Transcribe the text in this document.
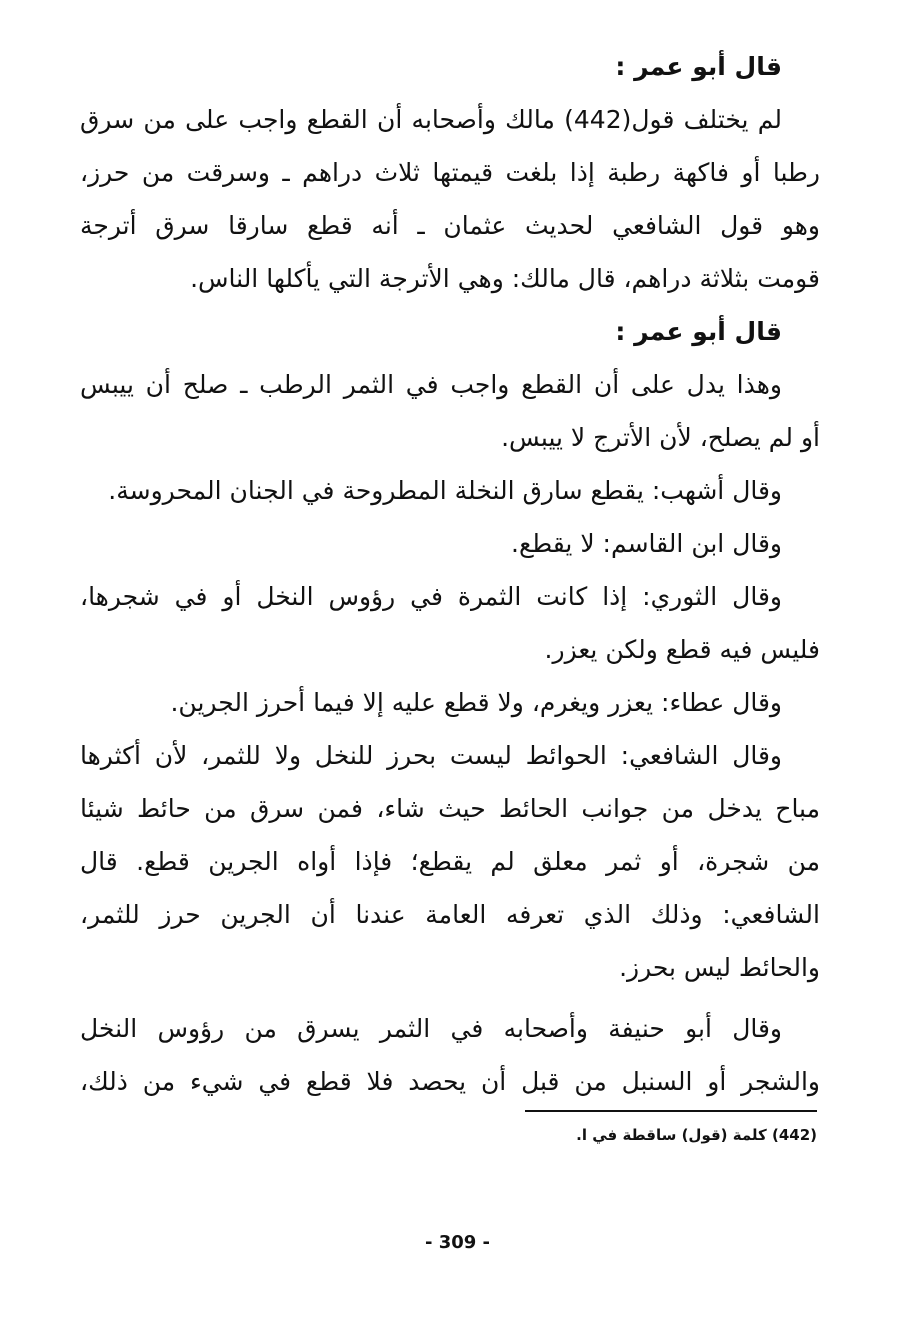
قال أبو عمر :
لم يختلف قول(442) مالك وأصحابه أن القطع واجب على من سرق
رطبا أو فاكهة رطبة إذا بلغت قيمتها ثلاث دراهم ـ وسرقت من حرز،
وهو قول الشافعي لحديث عثمان ـ أنه قطع سارقا سرق أترجة
قومت بثلاثة دراهم، قال مالك: وهي الأترجة التي يأكلها الناس.
قال أبو عمر :
وهذا يدل على أن القطع واجب في الثمر الرطب ـ صلح أن ييبس
أو لم يصلح، لأن الأترج لا ييبس.
وقال أشهب: يقطع سارق النخلة المطروحة في الجنان المحروسة.
وقال ابن القاسم: لا يقطع.
وقال الثوري: إذا كانت الثمرة في رؤوس النخل أو في شجرها،
فليس فيه قطع ولكن يعزر.
وقال عطاء: يعزر ويغرم، ولا قطع عليه إلا فيما أحرز الجرين.
وقال الشافعي: الحوائط ليست بحرز للنخل ولا للثمر، لأن أكثرها
مباح يدخل من جوانب الحائط حيث شاء، فمن سرق من حائط شيئا
من شجرة، أو ثمر معلق لم يقطع؛ فإذا أواه الجرين قطع. قال
الشافعي: وذلك الذي تعرفه العامة عندنا أن الجرين حرز للثمر،
والحائط ليس بحرز.
وقال أبو حنيفة وأصحابه في الثمر يسرق من رؤوس النخل
والشجر أو السنبل من قبل أن يحصد فلا قطع في شيء من ذلك،
(442) كلمة (قول) ساقطة في ا.
- 309 -
